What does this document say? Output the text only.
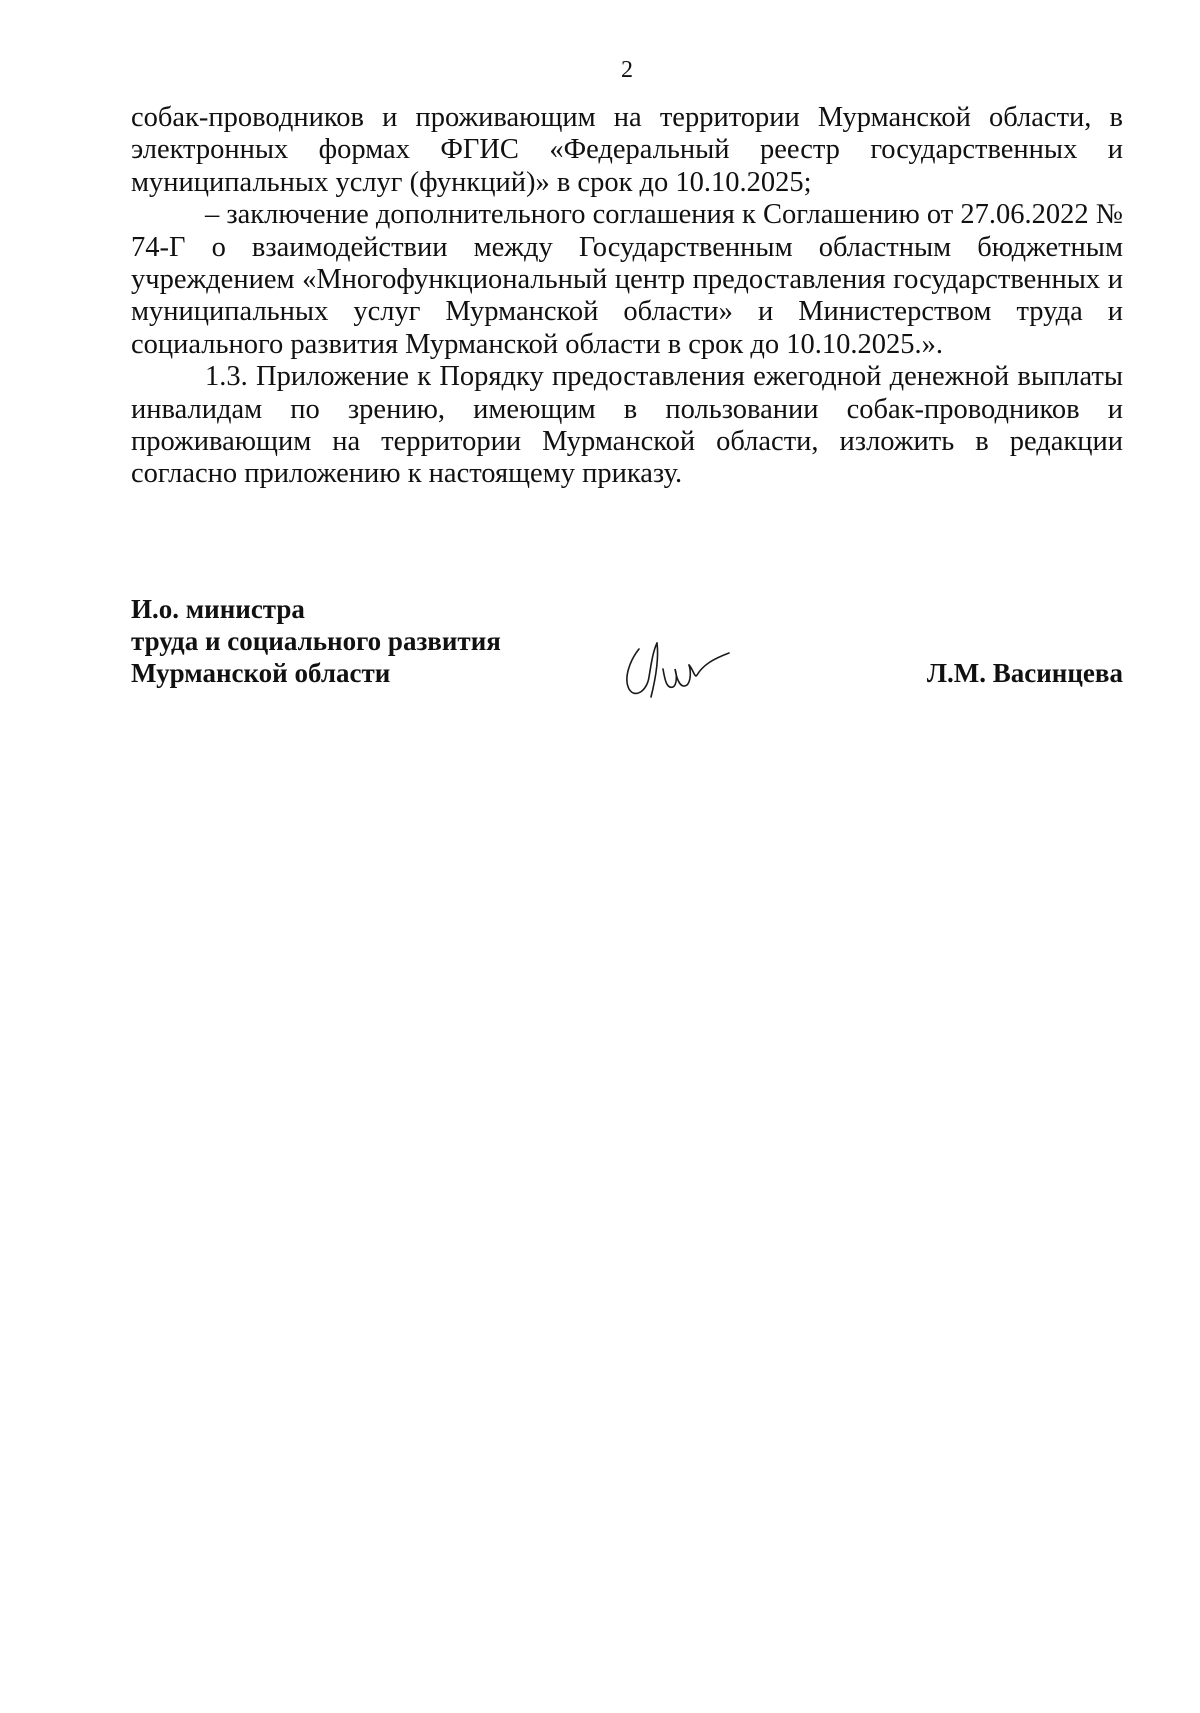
2

собак-проводников и проживающим на территории Мурманской области, в электронных формах ФГИС «Федеральный реестр государственных и муниципальных услуг (функций)» в срок до 10.10.2025;

– заключение дополнительного соглашения к Соглашению от 27.06.2022 № 74-Г о взаимодействии между Государственным областным бюджетным учреждением «Многофункциональный центр предоставления государственных и муниципальных услуг Мурманской области» и Министерством труда и социального развития Мурманской области в срок до 10.10.2025.».

1.3. Приложение к Порядку предоставления ежегодной денежной выплаты инвалидам по зрению, имеющим в пользовании собак-проводников и проживающим на территории Мурманской области, изложить в редакции согласно приложению к настоящему приказу.

И.о. министра
труда и социального развития
Мурманской области	Л.М. Васинцева
